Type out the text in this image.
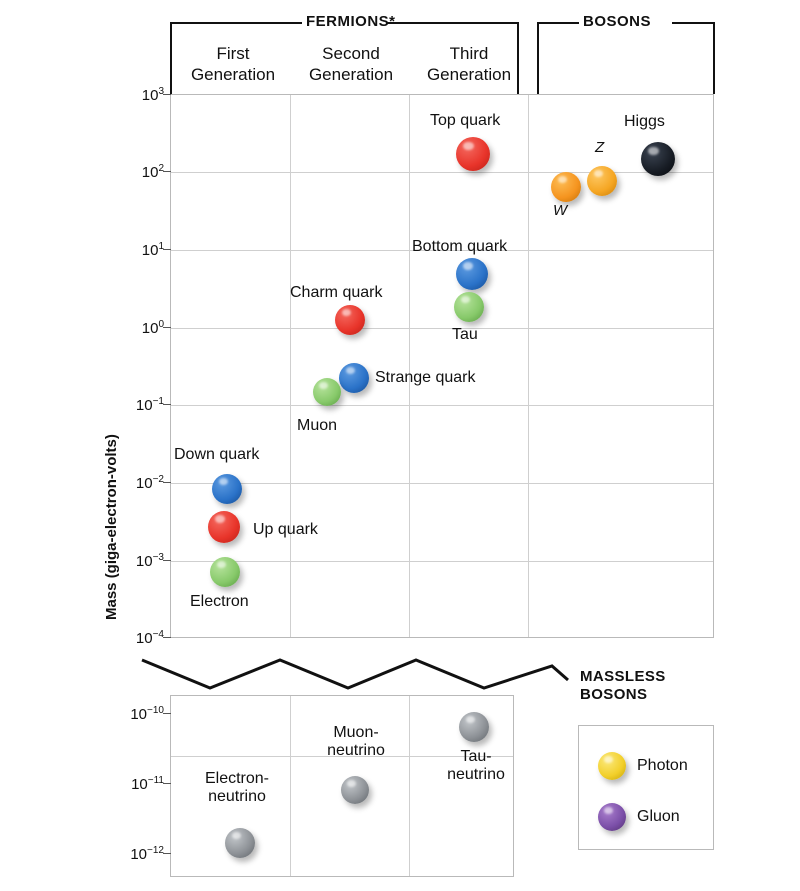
FERMIONS*	BOSONS
First
Generation
Second
Generation
Third
Generation
Mass (giga-electron-volts)
$10^3$
$10^2$
$10^1$
$10^0$
$10^{-1}$
$10^{-2}$
$10^{-3}$
$10^{-4}$
Top quark	Higgs
Z
W
Bottom quark
Tau
Charm quark
Strange quark
Muon
Down quark
Up quark
Electron
$10^{-10}$
$10^{-11}$
$10^{-12}$
Tau-
neutrino
Muon-
neutrino
Electron-
neutrino
MASSLESS
BOSONS
Photon
Gluon
